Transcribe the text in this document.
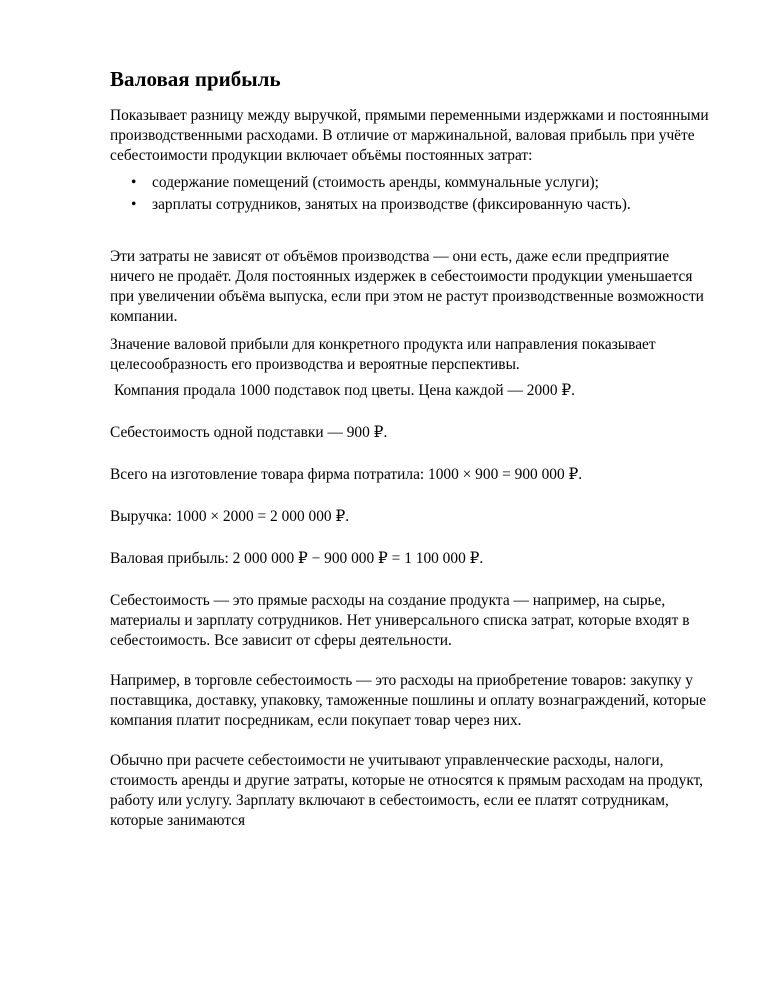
Валовая прибыль

Показывает разницу между выручкой, прямыми переменными издержками и постоянными производственными расходами. В отличие от маржинальной, валовая прибыль при учёте себестоимости продукции включает объёмы постоянных затрат:

• содержание помещений (стоимость аренды, коммунальные услуги);
• зарплаты сотрудников, занятых на производстве (фиксированную часть).

Эти затраты не зависят от объёмов производства — они есть, даже если предприятие ничего не продаёт. Доля постоянных издержек в себестоимости продукции уменьшается при увеличении объёма выпуска, если при этом не растут производственные возможности компании.

Значение валовой прибыли для конкретного продукта или направления показывает целесообразность его производства и вероятные перспективы.

Компания продала 1000 подставок под цветы. Цена каждой — 2000 ₽.

Себестоимость одной подставки — 900 ₽.

Всего на изготовление товара фирма потратила: 1000 × 900 = 900 000 ₽.

Выручка: 1000 × 2000 = 2 000 000 ₽.

Валовая прибыль: 2 000 000 ₽ − 900 000 ₽ = 1 100 000 ₽.

Себестоимость — это прямые расходы на создание продукта — например, на сырье, материалы и зарплату сотрудников. Нет универсального списка затрат, которые входят в себестоимость. Все зависит от сферы деятельности.

Например, в торговле себестоимость — это расходы на приобретение товаров: закупку у поставщика, доставку, упаковку, таможенные пошлины и оплату вознаграждений, которые компания платит посредникам, если покупает товар через них.

Обычно при расчете себестоимости не учитывают управленческие расходы, налоги, стоимость аренды и другие затраты, которые не относятся к прямым расходам на продукт, работу или услугу. Зарплату включают в себестоимость, если ее платят сотрудникам, которые занимаются
